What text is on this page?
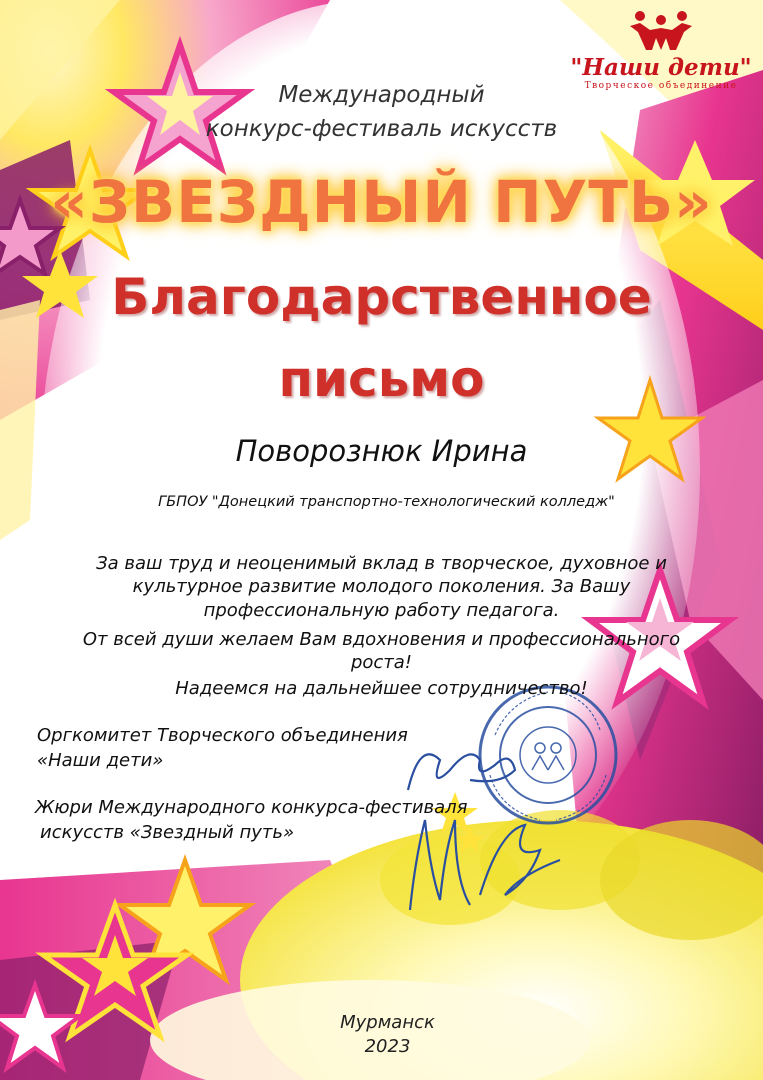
"Наши дети"
Творческое объединение
Международный
конкурс-фестиваль искусств
«ЗВЕЗДНЫЙ ПУТЬ»
Благодарственное
письмо
Поворознюк Ирина
ГБПОУ "Донецкий транспортно-технологический колледж"
За ваш труд и неоценимый вклад в творческое, духовное и
культурное развитие молодого поколения. За Вашу
профессиональную работу педагога.
От всей души желаем Вам вдохновения и профессионального
роста!
Надеемся на дальнейшее сотрудничество!
Оргкомитет Творческого объединения
«Наши дети»
Жюри Международного конкурса-фестиваля
искусств «Звездный путь»
Мурманск
2023
